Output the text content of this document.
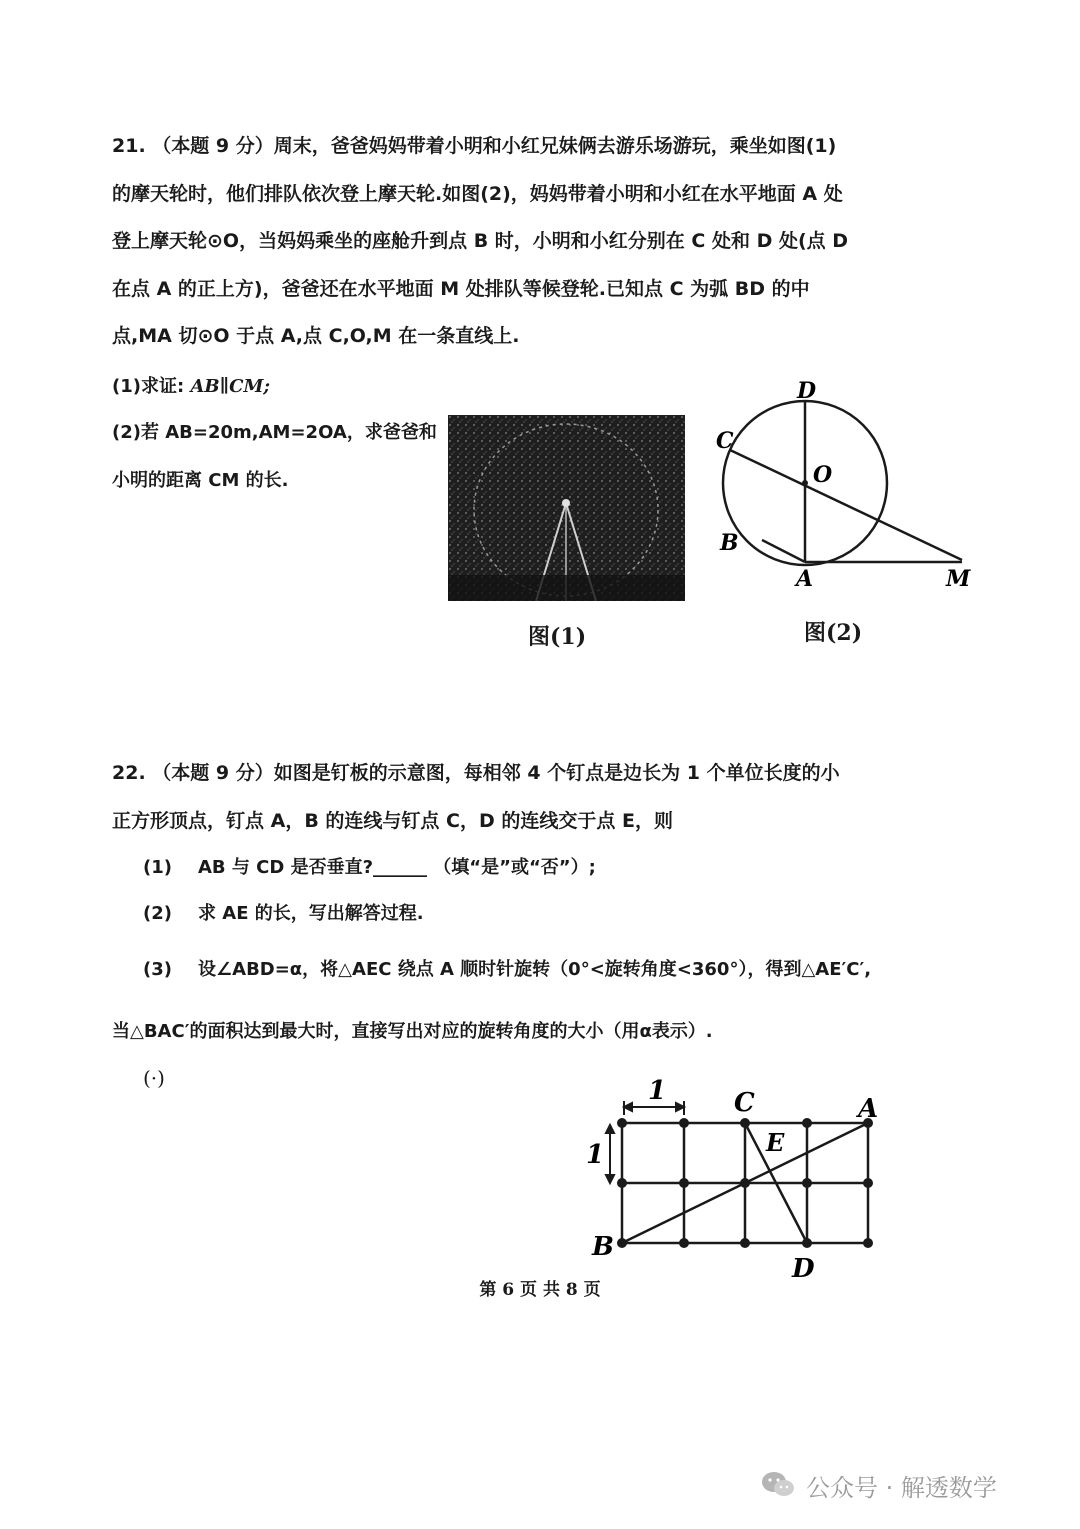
21. （本题 9 分）周末，爸爸妈妈带着小明和小红兄妹俩去游乐场游玩，乘坐如图(1)
的摩天轮时，他们排队依次登上摩天轮.如图(2)，妈妈带着小明和小红在水平地面 A 处
登上摩天轮⊙O，当妈妈乘坐的座舱升到点 B 时，小明和小红分别在 C 处和 D 处(点 D
在点 A 的正上方)，爸爸还在水平地面 M 处排队等候登轮.已知点 C 为弧 BD 的中
点,MA 切⊙O 于点 A,点 C,O,M 在一条直线上.
(1)求证: AB∥CM;
(2)若 AB=20m,AM=2OA，求爸爸和
小明的距离 CM 的长.
图(1)
D
C
O
B
A	M
图(2)
22. （本题 9 分）如图是钉板的示意图，每相邻 4 个钉点是边长为 1 个单位长度的小
正方形顶点，钉点 A，B 的连线与钉点 C，D 的连线交于点 E，则
(1) AB 与 CD 是否垂直?______ （填“是”或“否”）;
(2) 求 AE 的长，写出解答过程.
(3) 设∠ABD=α，将△AEC 绕点 A 顺时针旋转（0°<旋转角度<360°），得到△AE′C′,
当△BAC′的面积达到最大时，直接写出对应的旋转角度的大小（用α表示）.
(·)	1
1
C	A
E
B
D
第 6 页 共 8 页
公众号 · 解透数学
